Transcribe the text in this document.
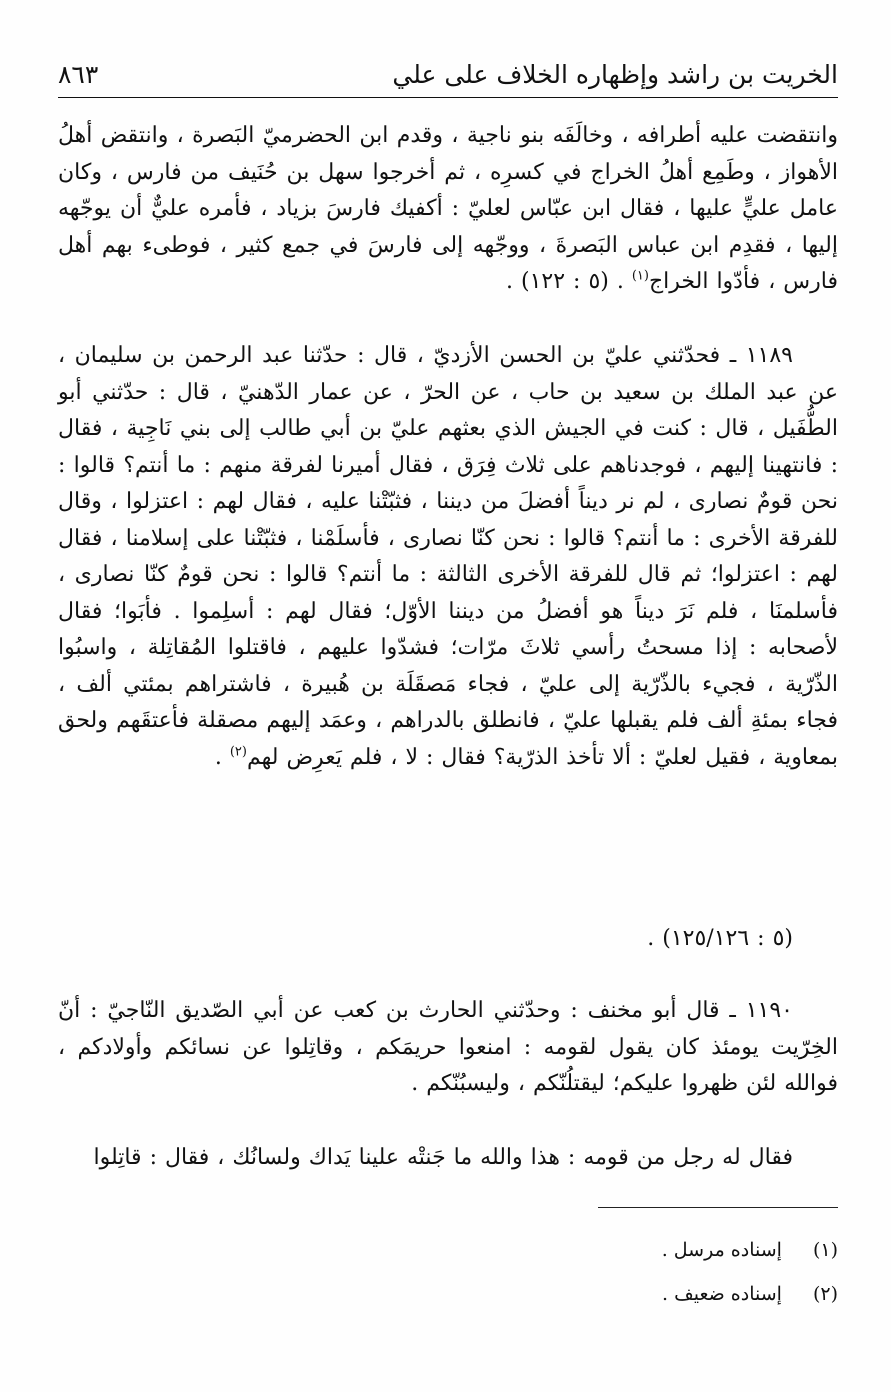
الخريت بن راشد وإظهاره الخلاف على علي
٨٦٣

وانتقضت عليه أطرافه ، وخالَفَه بنو ناجية ، وقدم ابن الحضرميّ البَصرة ، وانتقض أهلُ الأهواز ، وطَمِع أهلُ الخراج في كسرِه ، ثم أخرجوا سهل بن حُنَيف من فارس ، وكان عامل عليٍّ عليها ، فقال ابن عبّاس لعليّ : أكفيك فارسَ بزياد ، فأمره عليٌّ أن يوجّهه إليها ، فقدِم ابن عباس البَصرةَ ، ووجّهه إلى فارسَ في جمع كثير ، فوطىء بهم أهل فارس ، فأدّوا الخراج$^{(١)}$ . (٥ : ١٢٢) .

١١٨٩ ـ فحدّثني عليّ بن الحسن الأزديّ ، قال : حدّثنا عبد الرحمن بن سليمان ، عن عبد الملك بن سعيد بن حاب ، عن الحرّ ، عن عمار الدّهنيّ ، قال : حدّثني أبو الطُّفَيل ، قال : كنت في الجيش الذي بعثهم عليّ بن أبي طالب إلى بني نَاجِية ، فقال : فانتهينا إليهم ، فوجدناهم على ثلاث فِرَق ، فقال أميرنا لفرقة منهم : ما أنتم؟ قالوا : نحن قومٌ نصارى ، لم نر ديناً أفضلَ من ديننا ، فثبّتْنا عليه ، فقال لهم : اعتزلوا ، وقال للفرقة الأخرى : ما أنتم؟ قالوا : نحن كنّا نصارى ، فأسلَمْنا ، فثبّتْنا على إسلامنا ، فقال لهم : اعتزلوا؛ ثم قال للفرقة الأخرى الثالثة : ما أنتم؟ قالوا : نحن قومٌ كنّا نصارى ، فأسلمنَا ، فلم نَرَ ديناً هو أفضلُ من ديننا الأوّل؛ فقال لهم : أسلِموا . فأبَوا؛ فقال لأصحابه : إذا مسحتُ رأسي ثلاثَ مرّات؛ فشدّوا عليهم ، فاقتلوا المُقاتِلة ، واسبُوا الذّرّية ، فجيء بالذّرّية إلى عليّ ، فجاء مَصقَلَة بن هُبيرة ، فاشتراهم بمئتي ألف ، فجاء بمئةِ ألف فلم يقبلها عليّ ، فانطلق بالدراهم ، وعمَد إليهم مصقلة فأعتقَهم ولحق بمعاوية ، فقيل لعليّ : ألا تأخذ الذرّية؟ فقال : لا ، فلم يَعرِض لهم$^{(٢)}$ .

(٥ : ١٢٥/١٢٦) .

١١٩٠ ـ قال أبو مخنف : وحدّثني الحارث بن كعب عن أبي الصّديق النّاجيّ : أنّ الخِرّيت يومئذ كان يقول لقومه : امنعوا حريمَكم ، وقاتِلوا عن نسائكم وأولادكم ، فوالله لئن ظهروا عليكم؛ ليقتلُنّكم ، وليسبُنّكم .

فقال له رجل من قومه : هذا والله ما جَنتْه علينا يَداك ولسانُك ، فقال : قاتِلوا

(١) إسناده مرسل .
(٢) إسناده ضعيف .
